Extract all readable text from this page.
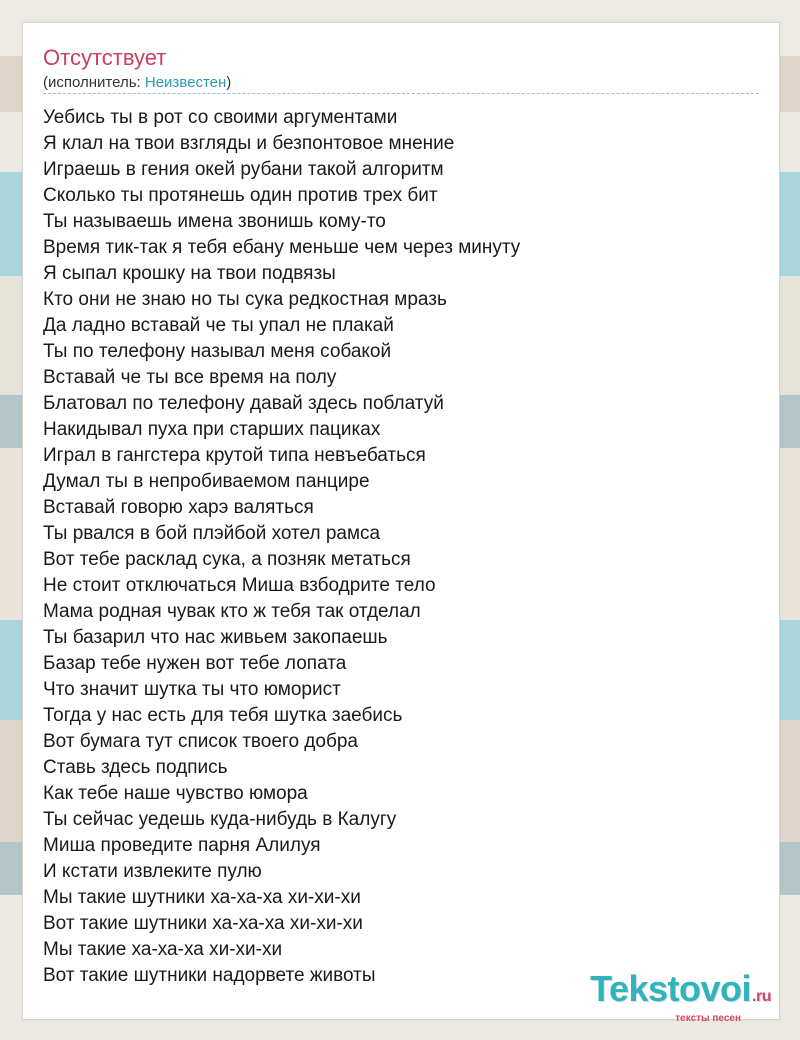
Отсутствует
(исполнитель: Неизвестен)
Уебись ты в рот со своими аргументами
Я клал на твои взгляды и безпонтовое мнение
Играешь в гения окей рубани такой алгоритм
Сколько ты протянешь один против трех бит
Ты называешь имена звонишь кому-то
Время тик-так я тебя ебану меньше чем через минуту
Я сыпал крошку на твои подвязы
Кто они не знаю но ты сука редкостная мразь
Да ладно вставай че ты упал не плакай
Ты по телефону называл меня собакой
Вставай че ты все время на полу
Блатовал по телефону давай здесь поблатуй
Накидывал пуха при старших пациках
Играл в гангстера крутой типа невъебаться
Думал ты в непробиваемом панцире
Вставай говорю харэ валяться
Ты рвался в бой плэйбой хотел рамса
Вот тебе расклад сука, а позняк метаться
Не стоит отключаться Миша взбодрите тело
Мама родная чувак кто ж тебя так отделал
Ты базарил что нас живьем закопаешь
Базар тебе нужен вот тебе лопата
Что значит шутка ты что юморист
Тогда у нас есть для тебя шутка заебись
Вот бумага тут список твоего добра
Ставь здесь подпись
Как тебе наше чувство юмора
Ты сейчас уедешь куда-нибудь в Калугу
Миша проведите парня Алилуя
И кстати извлеките пулю
Мы такие шутники ха-ха-ха хи-хи-хи
Вот такие шутники ха-ха-ха хи-хи-хи
Мы такие ха-ха-ха хи-хи-хи
Вот такие шутники надорвете животы	Tekstovoi.ru
тексты песен
